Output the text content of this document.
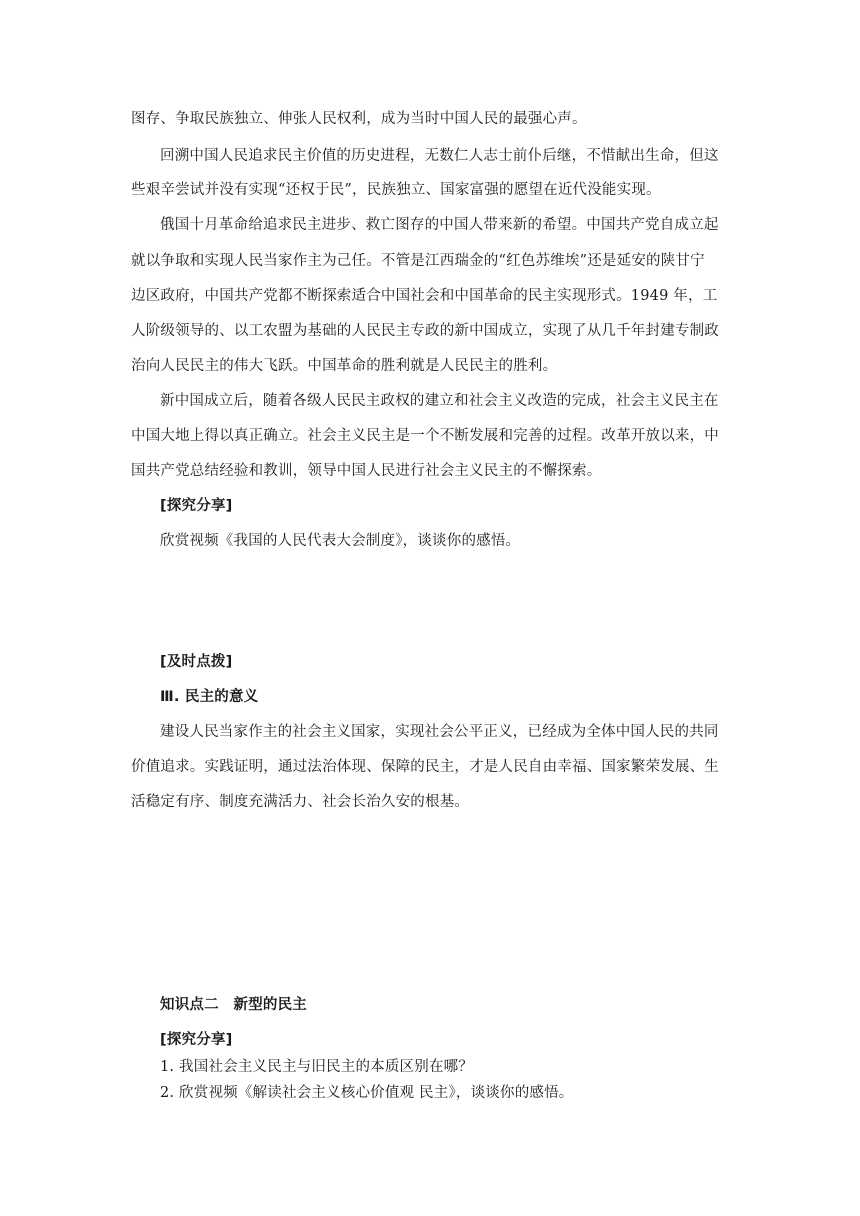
图存、争取民族独立、伸张人民权利，成为当时中国人民的最强心声。
回溯中国人民追求民主价值的历史进程，无数仁人志士前仆后继，不惜献出生命，但这
些艰辛尝试并没有实现“还权于民”，民族独立、国家富强的愿望在近代没能实现。
俄国十月革命给追求民主进步、救亡图存的中国人带来新的希望。中国共产党自成立起
就以争取和实现人民当家作主为己任。不管是江西瑞金的“红色苏维埃”还是延安的陕甘宁
边区政府，中国共产党都不断探索适合中国社会和中国革命的民主实现形式。1949 年，工
人阶级领导的、以工农盟为基础的人民民主专政的新中国成立，实现了从几千年封建专制政
治向人民民主的伟大飞跃。中国革命的胜利就是人民民主的胜利。
新中国成立后，随着各级人民民主政权的建立和社会主义改造的完成，社会主义民主在
中国大地上得以真正确立。社会主义民主是一个不断发展和完善的过程。改革开放以来，中
国共产党总结经验和教训，领导中国人民进行社会主义民主的不懈探索。
[探究分享]
欣赏视频《我国的人民代表大会制度》，谈谈你的感悟。
[及时点拨]
Ⅲ. 民主的意义
建设人民当家作主的社会主义国家，实现社会公平正义，已经成为全体中国人民的共同
价值追求。实践证明，通过法治体现、保障的民主，才是人民自由幸福、国家繁荣发展、生
活稳定有序、制度充满活力、社会长治久安的根基。
知识点二　新型的民主
[探究分享]
1. 我国社会主义民主与旧民主的本质区别在哪？
2. 欣赏视频《解读社会主义核心价值观 民主》，谈谈你的感悟。
